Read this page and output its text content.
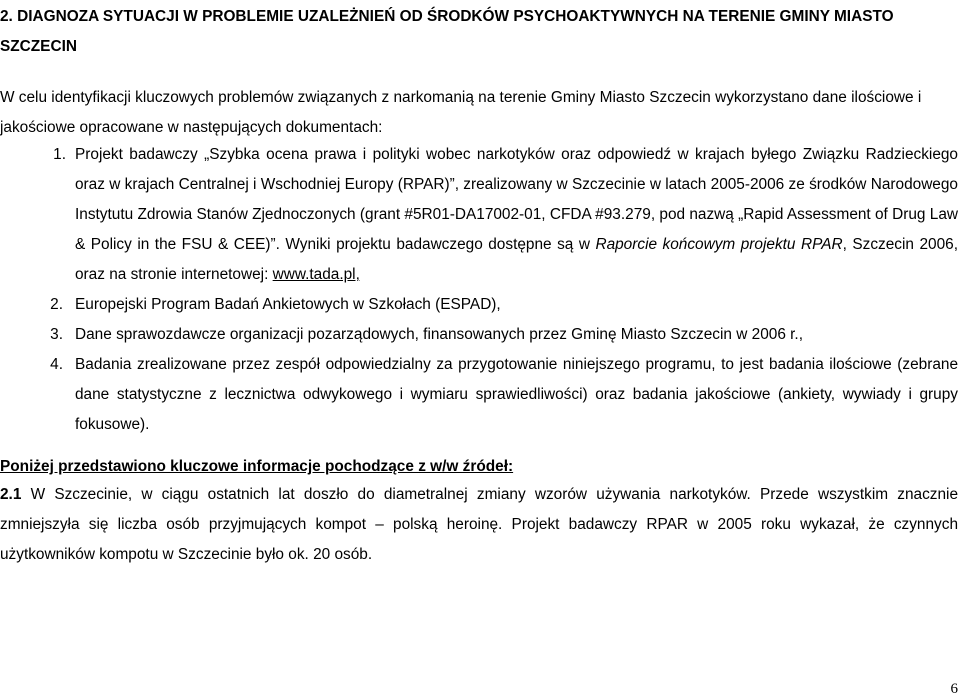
2. DIAGNOZA SYTUACJI W PROBLEMIE UZALEŻNIEŃ OD ŚRODKÓW PSYCHOAKTYWNYCH NA TERENIE GMINY MIASTO SZCZECIN

W celu identyfikacji kluczowych problemów związanych z narkomanią na terenie Gminy Miasto Szczecin wykorzystano dane ilościowe i jakościowe opracowane w następujących dokumentach:

1. Projekt badawczy „Szybka ocena prawa i polityki wobec narkotyków oraz odpowiedź w krajach byłego Związku Radzieckiego oraz w krajach Centralnej i Wschodniej Europy (RPAR)”, zrealizowany w Szczecinie w latach 2005-2006 ze środków Narodowego Instytutu Zdrowia Stanów Zjednoczonych (grant #5R01-DA17002-01, CFDA #93.279, pod nazwą „Rapid Assessment of Drug Law & Policy in the FSU & CEE)”. Wyniki projektu badawczego dostępne są w Raporcie końcowym projektu RPAR, Szczecin 2006, oraz na stronie internetowej: www.tada.pl,
2. Europejski Program Badań Ankietowych w Szkołach (ESPAD),
3. Dane sprawozdawcze organizacji pozarządowych, finansowanych przez Gminę Miasto Szczecin w 2006 r.,
4. Badania zrealizowane przez zespół odpowiedzialny za przygotowanie niniejszego programu, to jest badania ilościowe (zebrane dane statystyczne z lecznictwa odwykowego i wymiaru sprawiedliwości) oraz badania jakościowe (ankiety, wywiady i grupy fokusowe).

Poniżej przedstawiono kluczowe informacje pochodzące z w/w źródeł:

2.1 W Szczecinie, w ciągu ostatnich lat doszło do diametralnej zmiany wzorów używania narkotyków. Przede wszystkim znacznie zmniejszyła się liczba osób przyjmujących kompot – polską heroinę. Projekt badawczy RPAR w 2005 roku wykazał, że czynnych użytkowników kompotu w Szczecinie było ok. 20 osób.

6
